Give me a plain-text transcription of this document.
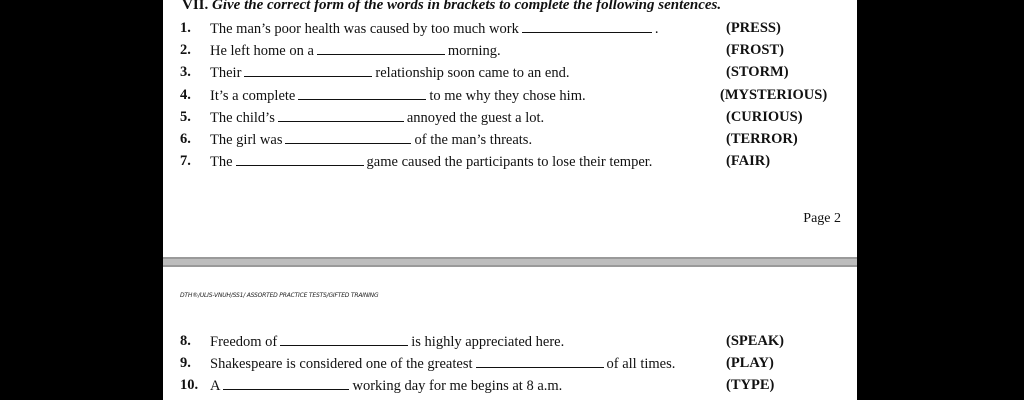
VII. Give the correct form of the words in brackets to complete the following sentences.
1. The man’s poor health was caused by too much work	.	(PRESS)
2. He left home on a	morning.	(FROST)
3. Their	relationship soon came to an end.	(STORM)
4. It’s a complete	to me why they chose him.	(MYSTERIOUS)
5. The child’s	annoyed the guest a lot.	(CURIOUS)
6. The girl was	of the man’s threats.	(TERROR)
7. The	game caused the participants to lose their temper.	(FAIR)
Page 2
DTH®/ULIS-VNUH/SS1/ ASSORTED PRACTICE TESTS/GIFTED TRAINING
8. Freedom of	is highly appreciated here.	(SPEAK)
9. Shakespeare is considered one of the greatest	of all times.	(PLAY)
10. A	working day for me begins at 8 a.m.	(TYPE)
